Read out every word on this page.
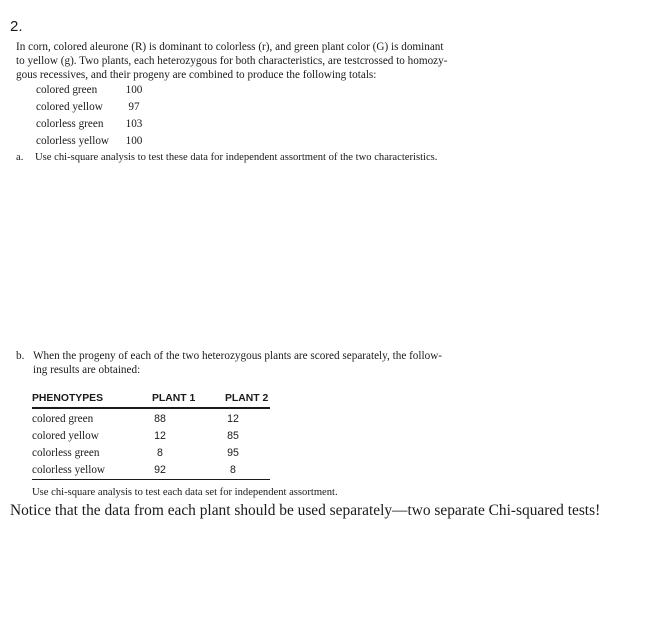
2.
In corn, colored aleurone (R) is dominant to colorless (r), and green plant color (G) is dominant
to yellow (g). Two plants, each heterozygous for both characteristics, are testcrossed to homozy-
gous recessives, and their progeny are combined to produce the following totals:
colored green	100
colored yellow	97
colorless green	103
colorless yellow	100
a. Use chi-square analysis to test these data for independent assortment of the two characteristics.
b. When the progeny of each of the two heterozygous plants are scored separately, the follow-
ing results are obtained:
PHENOTYPES	PLANT 1	PLANT 2
colored green	88	12
colored yellow	12	85
colorless green	8	95
colorless yellow	92	8
Use chi-square analysis to test each data set for independent assortment.
Notice that the data from each plant should be used separately—two separate Chi-squared tests!
